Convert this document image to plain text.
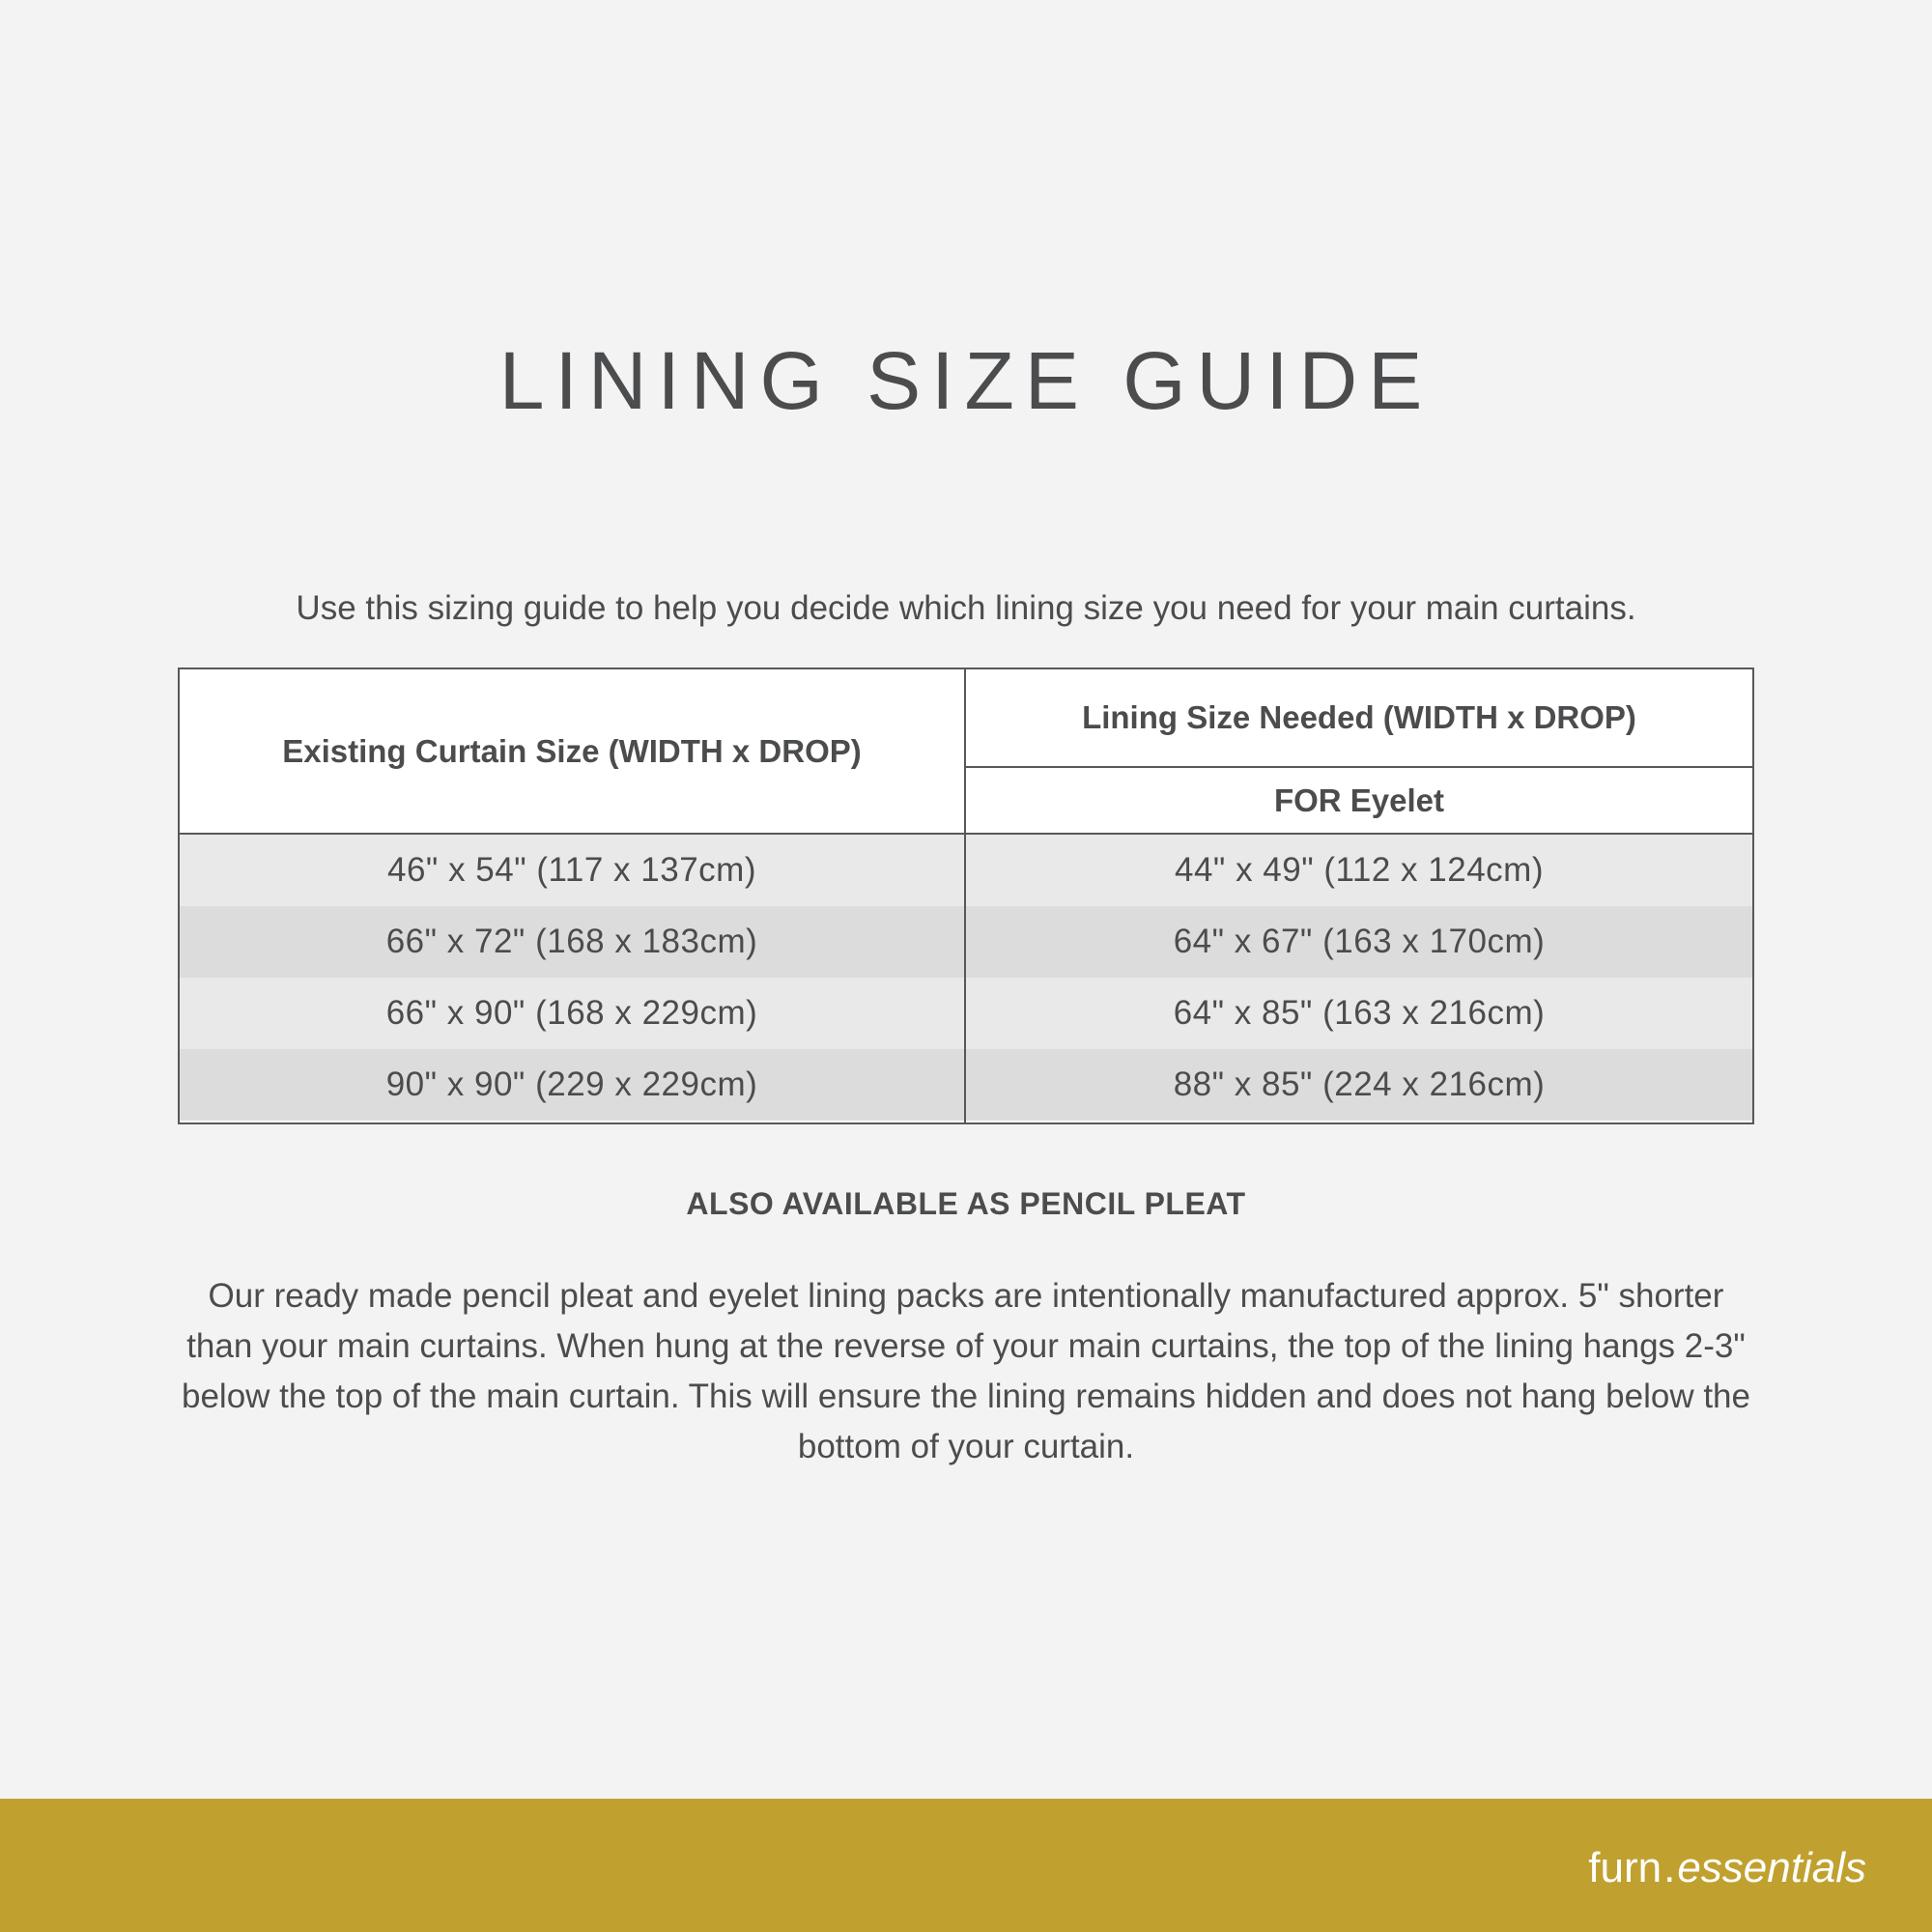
LINING SIZE GUIDE
Use this sizing guide to help you decide which lining size you need for your main curtains.
Existing Curtain Size (WIDTH x DROP)
Lining Size Needed (WIDTH x DROP)
FOR Eyelet
46" x 54" (117 x 137cm)	44" x 49" (112 x 124cm)
66" x 72" (168 x 183cm)	64" x 67" (163 x 170cm)
66" x 90" (168 x 229cm)	64" x 85" (163 x 216cm)
90" x 90" (229 x 229cm)	88" x 85" (224 x 216cm)
ALSO AVAILABLE AS PENCIL PLEAT
Our ready made pencil pleat and eyelet lining packs are intentionally manufactured approx. 5" shorter than your main curtains. When hung at the reverse of your main curtains, the top of the lining hangs 2-3" below the top of the main curtain. This will ensure the lining remains hidden and does not hang below the bottom of your curtain.
furn.essentials
